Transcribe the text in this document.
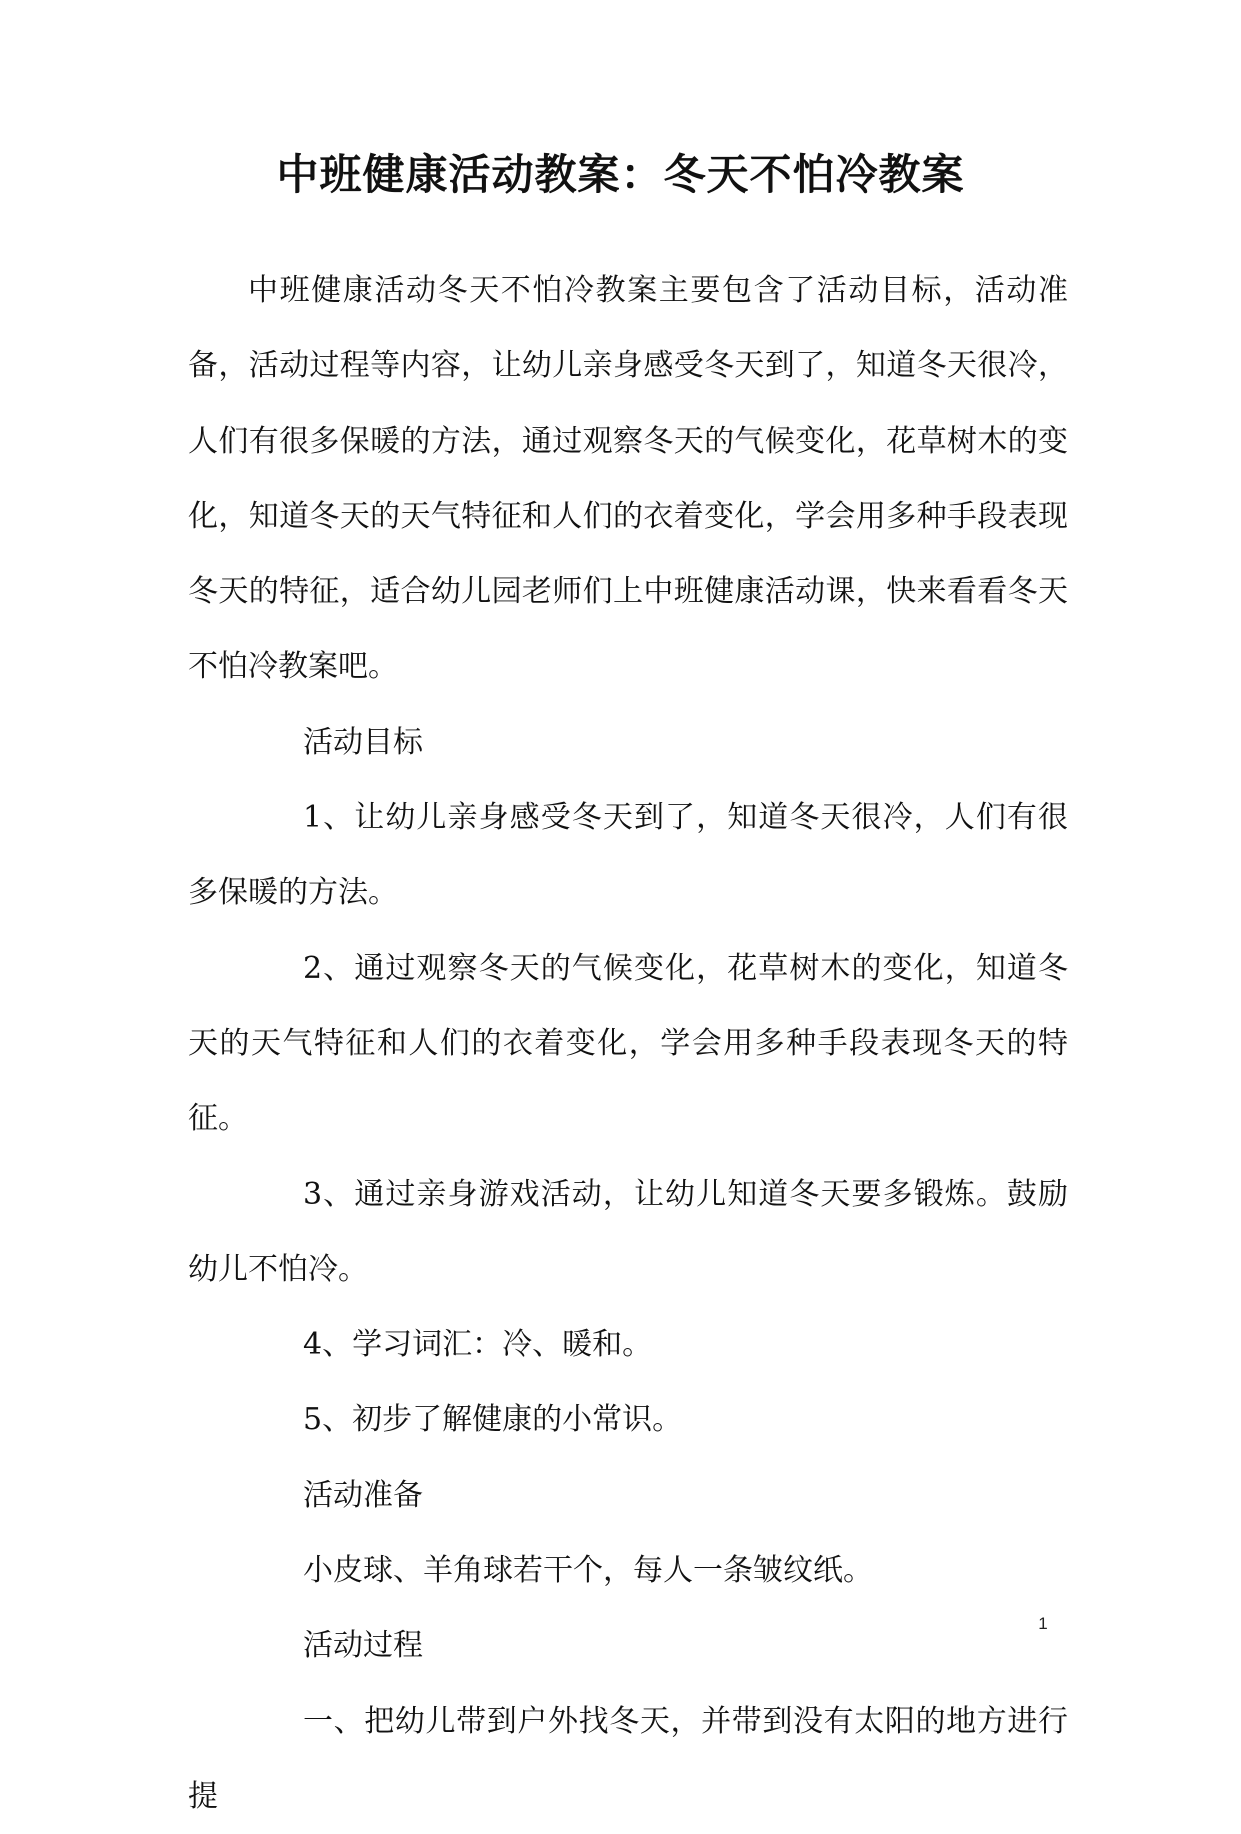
中班健康活动教案：冬天不怕冷教案

中班健康活动冬天不怕冷教案主要包含了活动目标，活动准备，活动过程等内容，让幼儿亲身感受冬天到了，知道冬天很冷，人们有很多保暖的方法，通过观察冬天的气候变化，花草树木的变化，知道冬天的天气特征和人们的衣着变化，学会用多种手段表现冬天的特征，适合幼儿园老师们上中班健康活动课，快来看看冬天不怕冷教案吧。

活动目标

1、让幼儿亲身感受冬天到了，知道冬天很冷，人们有很多保暖的方法。

2、通过观察冬天的气候变化，花草树木的变化，知道冬天的天气特征和人们的衣着变化，学会用多种手段表现冬天的特征。

3、通过亲身游戏活动，让幼儿知道冬天要多锻炼。鼓励幼儿不怕冷。

4、学习词汇：冷、暖和。

5、初步了解健康的小常识。

活动准备

小皮球、羊角球若干个，每人一条皱纹纸。

活动过程

一、把幼儿带到户外找冬天，并带到没有太阳的地方进行提

1
